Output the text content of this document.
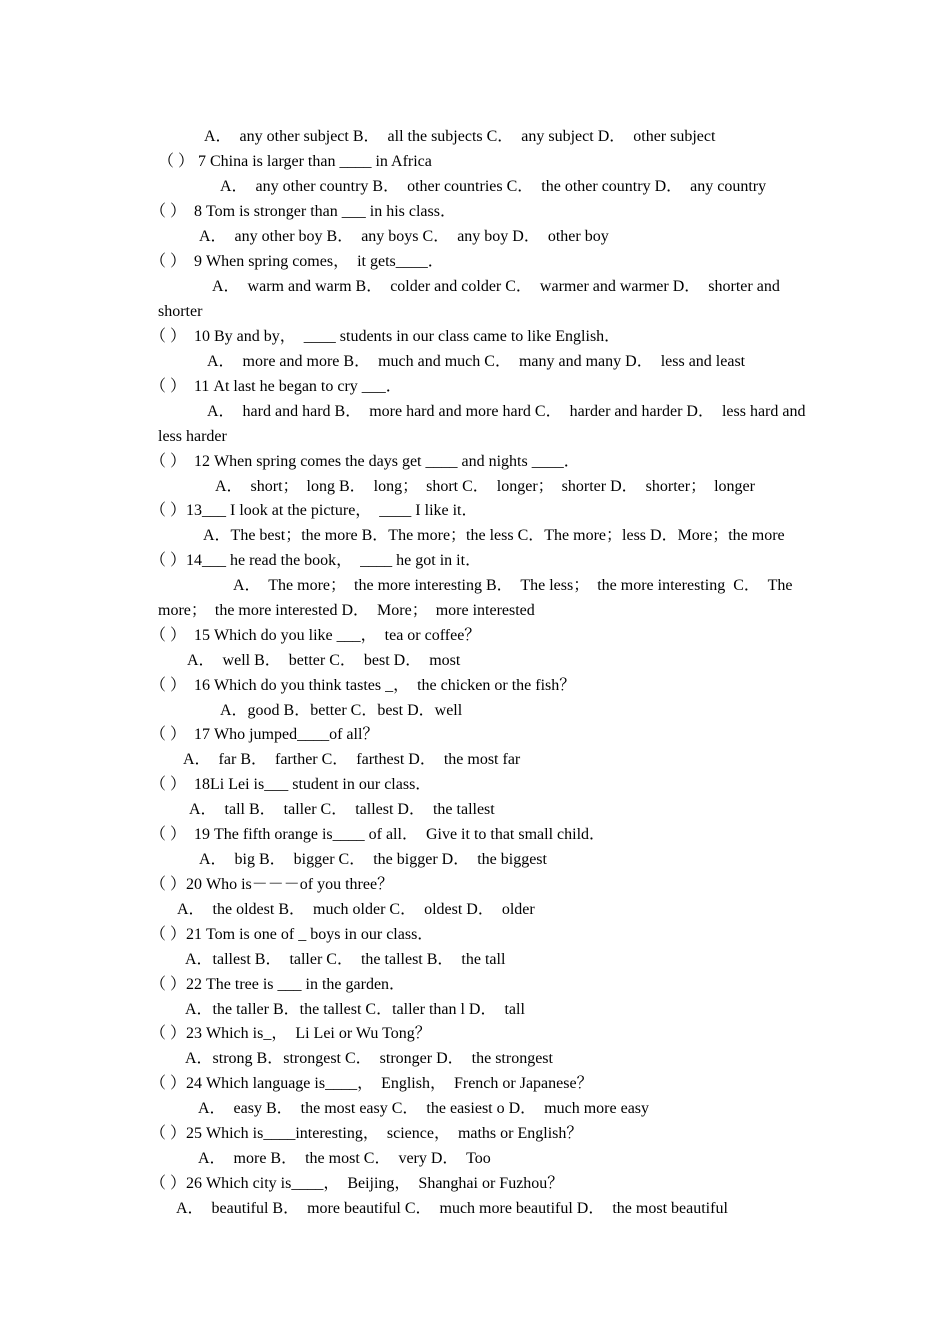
A．  any other subject B．  all the subjects C．  any subject D．  other subject
（ ） 7 China is larger than ____ in Africa
A．  any other country B．  other countries C．  the other country D．  any country
（ ）  8 Tom is stronger than ___ in his class．
A．  any other boy B．  any boys C．  any boy D．  other boy
（ ）  9 When spring comes，  it gets____．
A．  warm and warm B．  colder and colder C．  warmer and warmer D．  shorter and
shorter
（ ）  10 By and by，  ____ students in our class came to like English．
A．  more and more B．  much and much C．  many and many D．  less and least
（ ）  11 At last he began to cry ___．
A．  hard and hard B．  more hard and more hard C．  harder and harder D．  less hard and
less harder
（ ）  12 When spring comes the days get ____ and nights ____．
A．  short；  long B．  long；  short C．  longer；  shorter D．  shorter；  longer
（ ）13___ I look at the picture，  ____ I like it．
A．The best；the more B．The more；the less C．The more；less D．More；the more
（ ）14___ he read the book，  ____ he got in it．
A．  The more；  the more interesting B．  The less；  the more interesting  C．  The
more；  the more interested D．  More；  more interested
（ ）  15 Which do you like ___，  tea or coffee？
A．  well B．  better C．  best D．  most
（ ）  16 Which do you think tastes _，  the chicken or the fish？
A．good B．better C．best D．well
（ ）  17 Who jumped____of all？
A．  far B．  farther C．  farthest D．  the most far
（ ）  18Li Lei is___ student in our class．
A．  tall B．  taller C．  tallest D．  the tallest
（ ）  19 The fifth orange is____ of all．  Give it to that small child．
A．  big B．  bigger C．  the bigger D．  the biggest
（ ）20 Who is－－－of you three？
A．  the oldest B．  much older C．  oldest D．  older
（ ）21 Tom is one of _ boys in our class．
A．tallest B．  taller C．  the tallest B．  the tall
（ ）22 The tree is ___ in the garden．
A．the taller B．the tallest C．taller than l D．  tall
（ ）23 Which is_，  Li Lei or Wu Tong？
A．strong B．strongest C．  stronger D．  the strongest
（ ）24 Which language is____，  English，  French or Japanese？
A．  easy B．  the most easy C．  the easiest o D．  much more easy
（ ）25 Which is____interesting，  science，  maths or English？
A．  more B．  the most C．  very D．  Too
（ ）26 Which city is____，  Beijing，  Shanghai or Fuzhou？
A．  beautiful B．  more beautiful C．  much more beautiful D．  the most beautiful
